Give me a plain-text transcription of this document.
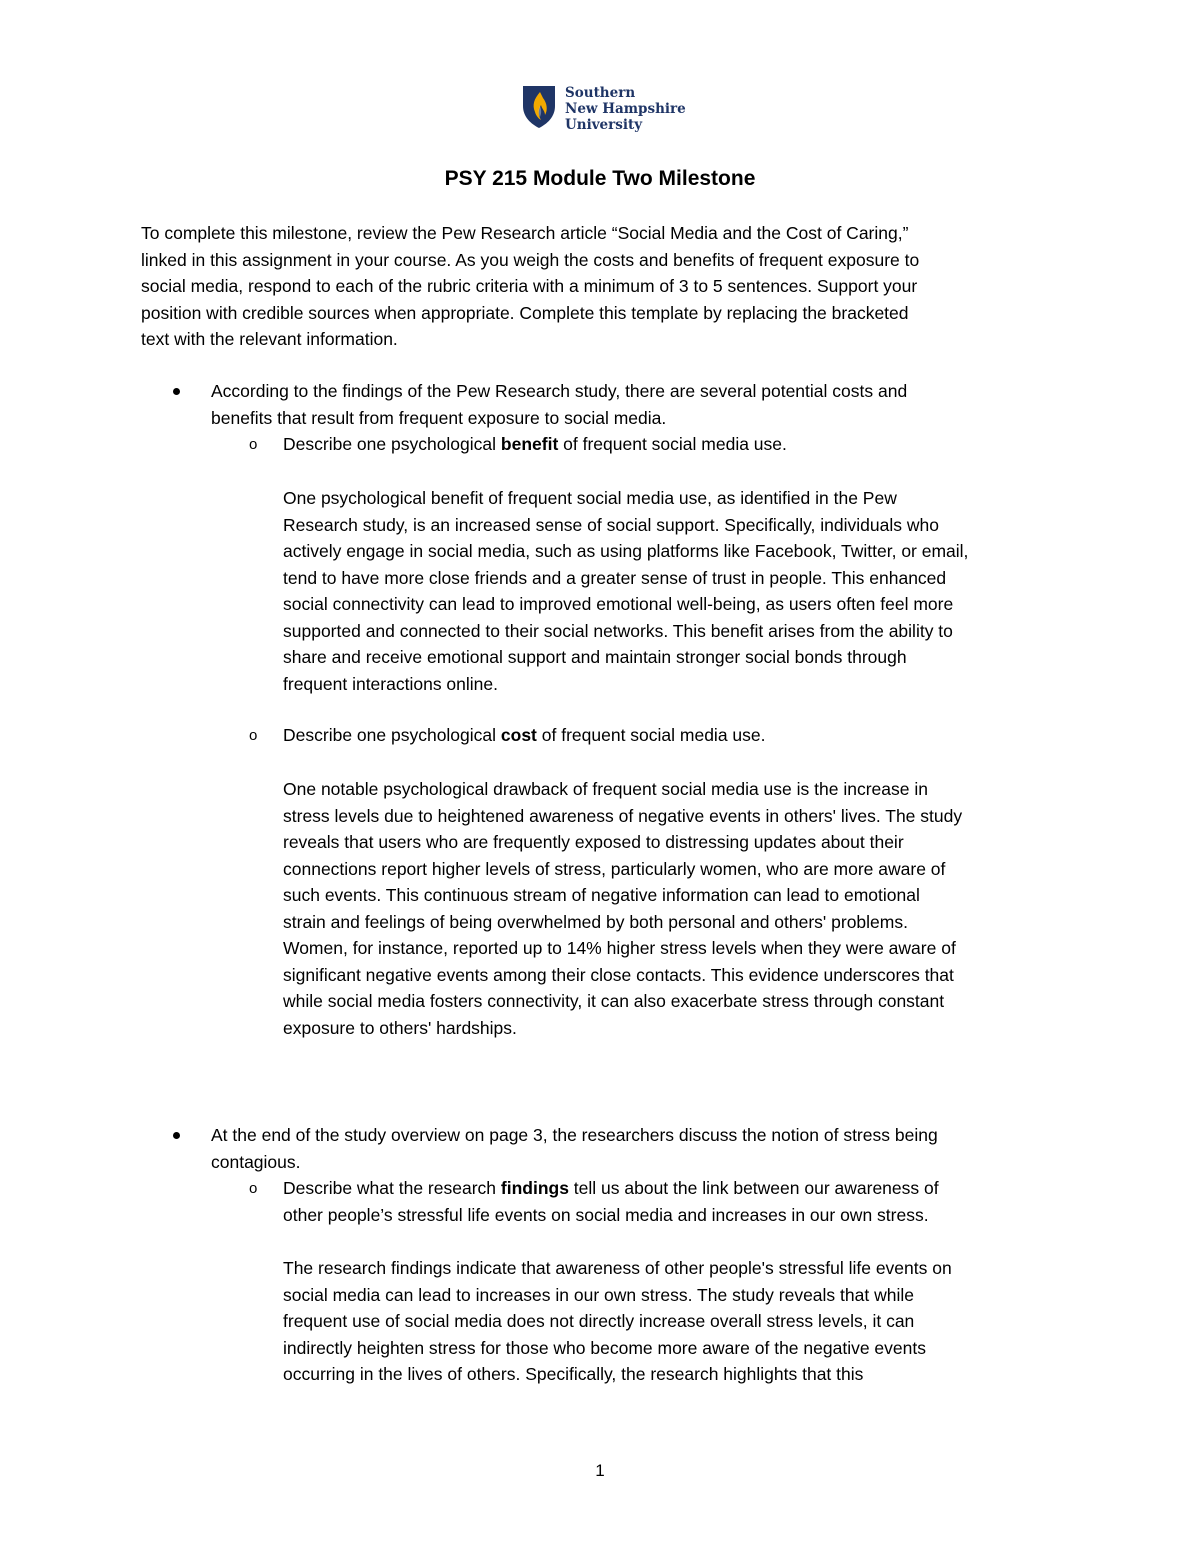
Southern
New Hampshire
University
PSY 215 Module Two Milestone

To complete this milestone, review the Pew Research article “Social Media and the Cost of Caring,”
linked in this assignment in your course. As you weigh the costs and benefits of frequent exposure to
social media, respond to each of the rubric criteria with a minimum of 3 to 5 sentences. Support your
position with credible sources when appropriate. Complete this template by replacing the bracketed
text with the relevant information.

According to the findings of the Pew Research study, there are several potential costs and
benefits that result from frequent exposure to social media.

o Describe one psychological benefit of frequent social media use.

One psychological benefit of frequent social media use, as identified in the Pew
Research study, is an increased sense of social support. Specifically, individuals who
actively engage in social media, such as using platforms like Facebook, Twitter, or email,
tend to have more close friends and a greater sense of trust in people. This enhanced
social connectivity can lead to improved emotional well-being, as users often feel more
supported and connected to their social networks. This benefit arises from the ability to
share and receive emotional support and maintain stronger social bonds through
frequent interactions online.

o Describe one psychological cost of frequent social media use.

One notable psychological drawback of frequent social media use is the increase in
stress levels due to heightened awareness of negative events in others' lives. The study
reveals that users who are frequently exposed to distressing updates about their
connections report higher levels of stress, particularly women, who are more aware of
such events. This continuous stream of negative information can lead to emotional
strain and feelings of being overwhelmed by both personal and others' problems.
Women, for instance, reported up to 14% higher stress levels when they were aware of
significant negative events among their close contacts. This evidence underscores that
while social media fosters connectivity, it can also exacerbate stress through constant
exposure to others' hardships.

At the end of the study overview on page 3, the researchers discuss the notion of stress being
contagious.

o Describe what the research findings tell us about the link between our awareness of
other people’s stressful life events on social media and increases in our own stress.

The research findings indicate that awareness of other people's stressful life events on
social media can lead to increases in our own stress. The study reveals that while
frequent use of social media does not directly increase overall stress levels, it can
indirectly heighten stress for those who become more aware of the negative events
occurring in the lives of others. Specifically, the research highlights that this

1
